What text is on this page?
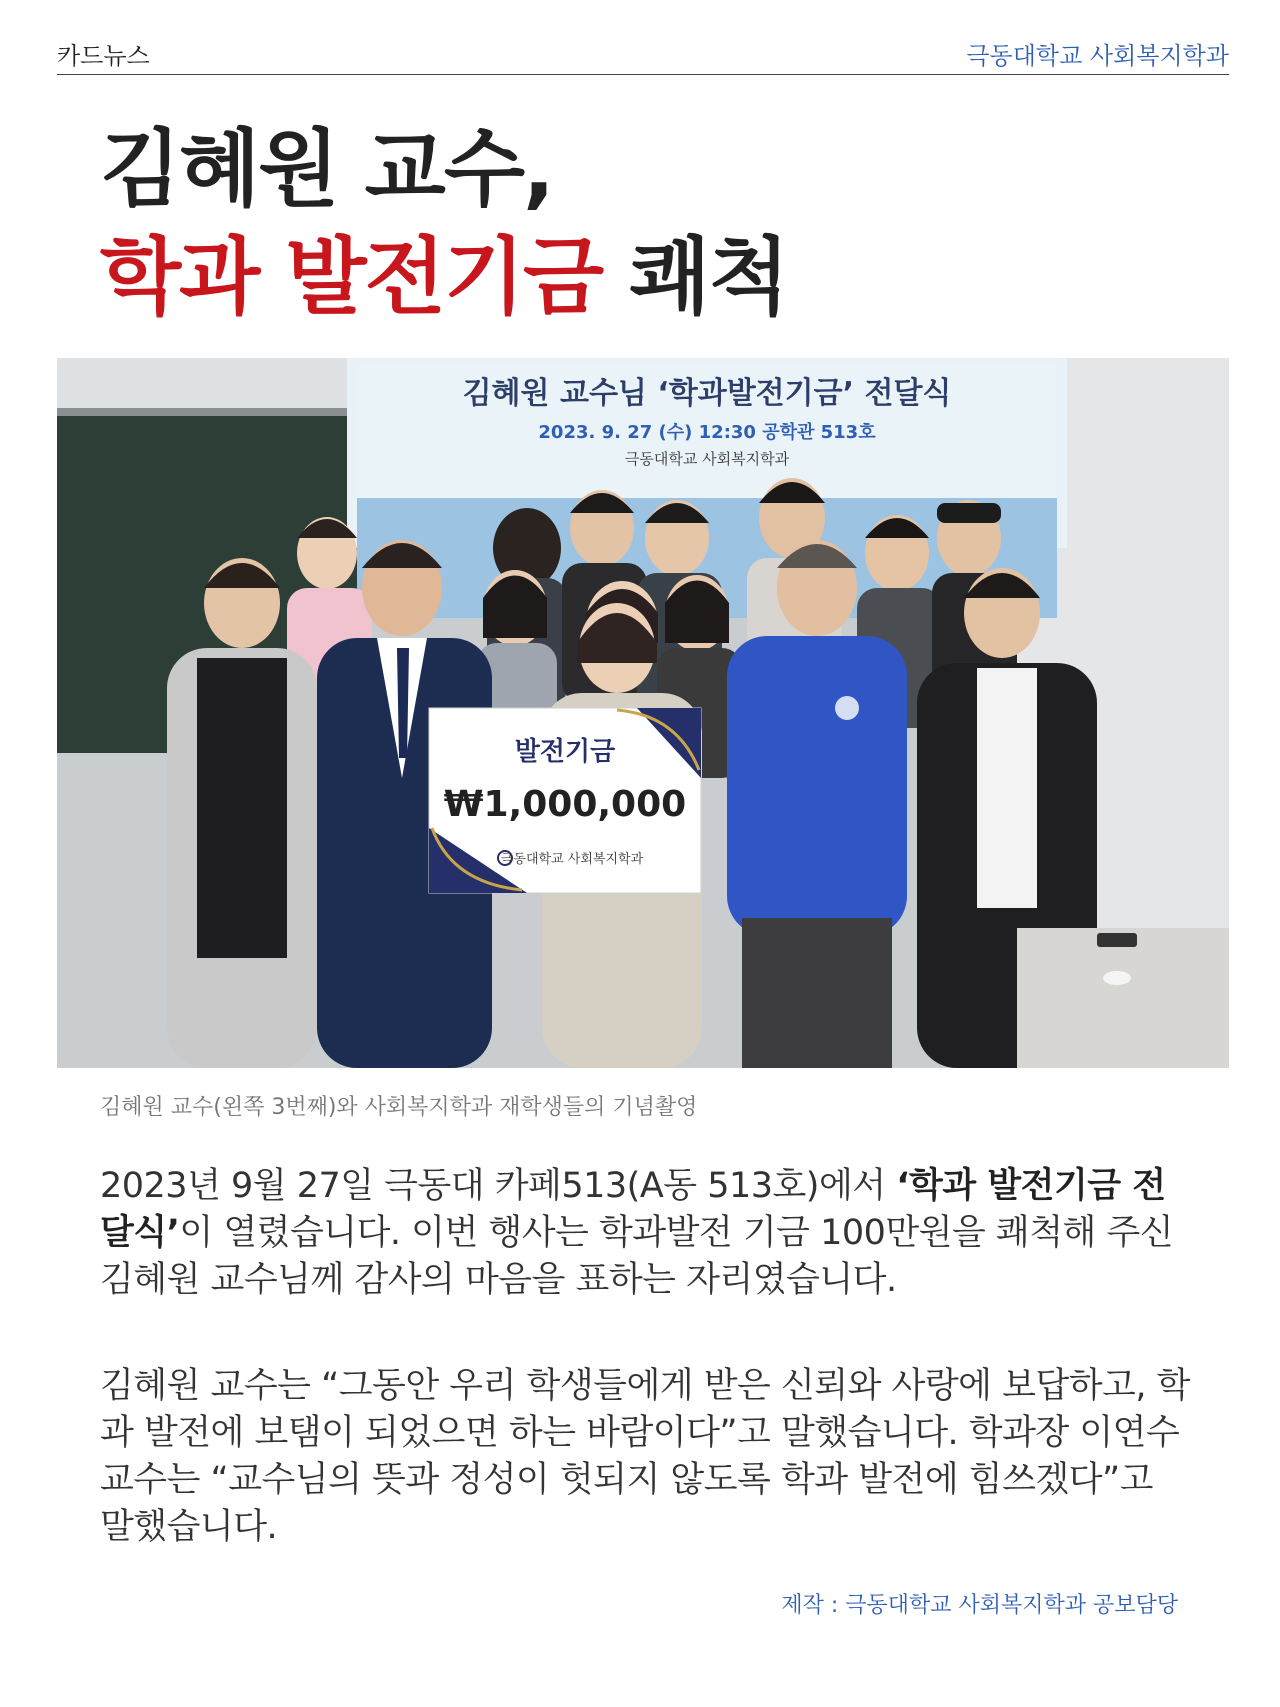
카드뉴스	극동대학교 사회복지학과
김혜원 교수,
학과 발전기금 쾌척
김혜원 교수님 ‘학과발전기금’ 전달식
2023. 9. 27 (수) 12:30 공학관 513호
극동대학교 사회복지학과
발전기금
₩1,000,000
극동대학교 사회복지학과
김혜원 교수(왼쪽 3번째)와 사회복지학과 재학생들의 기념촬영
2023년 9월 27일 극동대 카페513(A동 513호)에서 ‘학과 발전기금 전달식’이 열렸습니다. 이번 행사는 학과발전 기금 100만원을 쾌척해 주신 김혜원 교수님께 감사의 마음을 표하는 자리였습니다.
김혜원 교수는 “그동안 우리 학생들에게 받은 신뢰와 사랑에 보답하고, 학과 발전에 보탬이 되었으면 하는 바람이다”고 말했습니다. 학과장 이연수 교수는 “교수님의 뜻과 정성이 헛되지 않도록 학과 발전에 힘쓰겠다”고 말했습니다.
제작 : 극동대학교 사회복지학과 공보담당
